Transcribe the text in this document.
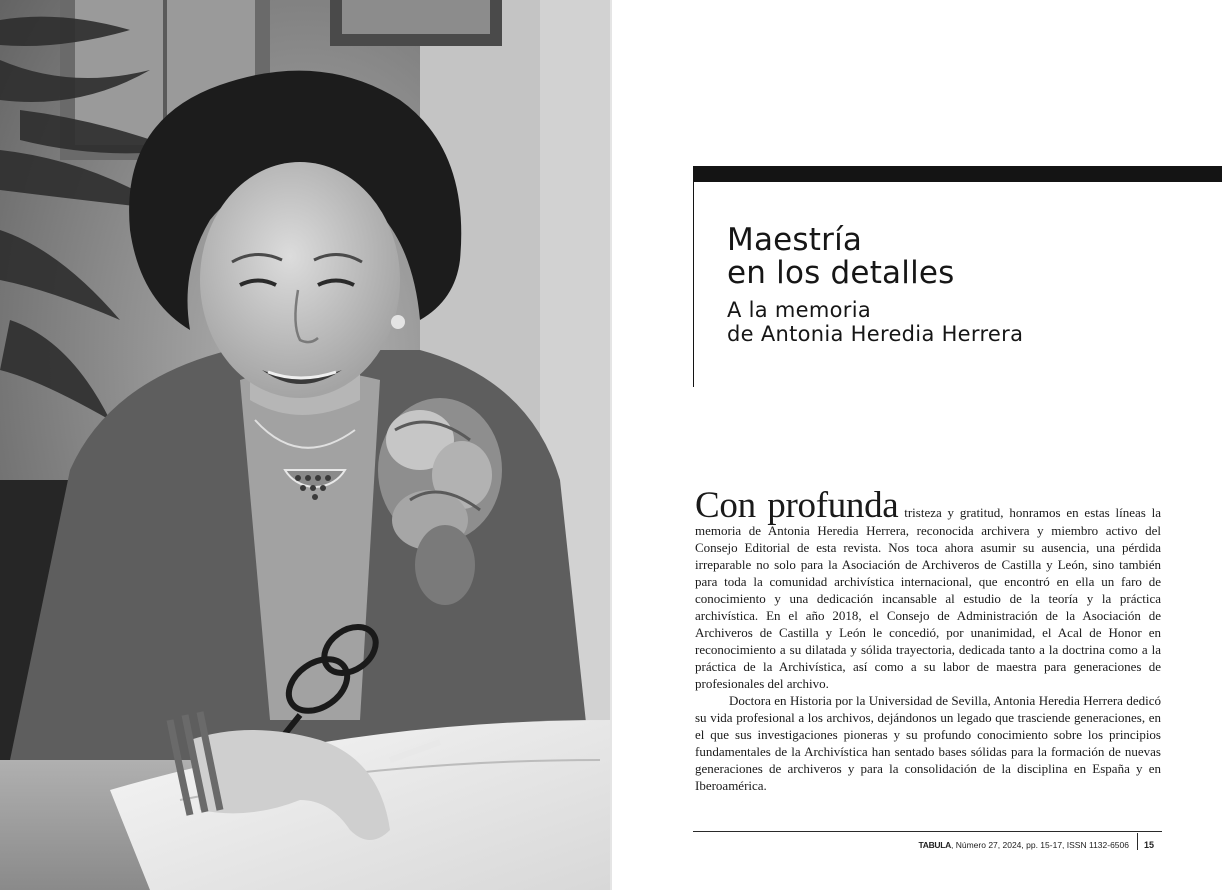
Maestría
en los detalles
A la memoria
de Antonia Heredia Herrera

Con profunda tristeza y gratitud, honramos en estas líneas la memoria de Antonia Heredia Herrera, reconocida archivera y miembro activo del Consejo Editorial de esta revista. Nos toca ahora asumir su ausencia, una pérdida irreparable no solo para la Asociación de Archiveros de Castilla y León, sino también para toda la comunidad archivística internacional, que encontró en ella un faro de conocimiento y una dedicación incansable al estudio de la teoría y la práctica archivística. En el año 2018, el Consejo de Administración de la Asociación de Archiveros de Castilla y León le concedió, por unanimidad, el Acal de Honor en reconocimiento a su dilatada y sólida trayectoria, dedicada tanto a la doctrina como a la práctica de la Archivística, así como a su labor de maestra para generaciones de profesionales del archivo.

Doctora en Historia por la Universidad de Sevilla, Antonia Heredia Herrera dedicó su vida profesional a los archivos, dejándonos un legado que trasciende generaciones, en el que sus investigaciones pioneras y su profundo conocimiento sobre los principios fundamentales de la Archivística han sentado bases sólidas para la formación de nuevas generaciones de archiveros y para la consolidación de la disciplina en España y en Iberoamérica.

TABULA, Número 27, 2024, pp. 15-17, ISSN 1132-6506 15
